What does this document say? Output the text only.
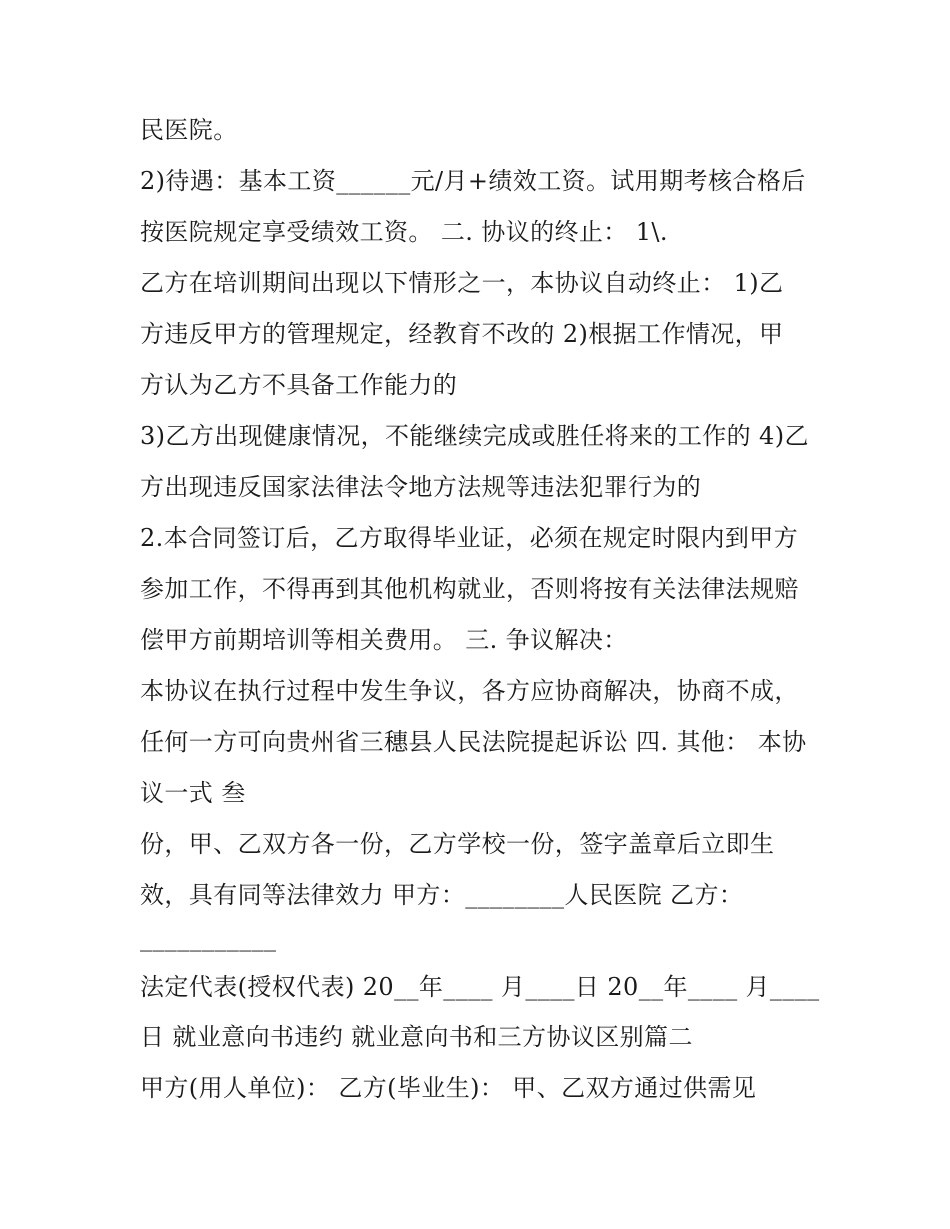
民医院。
2)待遇：基本工资______元/月+绩效工资。试用期考核合格后
按医院规定享受绩效工资。 二. 协议的终止： 1\.
乙方在培训期间出现以下情形之一，本协议自动终止： 1)乙
方违反甲方的管理规定，经教育不改的 2)根据工作情况，甲
方认为乙方不具备工作能力的
3)乙方出现健康情况，不能继续完成或胜任将来的工作的 4)乙
方出现违反国家法律法令地方法规等违法犯罪行为的
2.本合同签订后，乙方取得毕业证，必须在规定时限内到甲方
参加工作，不得再到其他机构就业，否则将按有关法律法规赔
偿甲方前期培训等相关费用。 三. 争议解决：
本协议在执行过程中发生争议，各方应协商解决，协商不成，
任何一方可向贵州省三穗县人民法院提起诉讼 四. 其他： 本协
议一式 叁
份，甲、乙双方各一份，乙方学校一份，签字盖章后立即生
效，具有同等法律效力 甲方：________人民医院 乙方：
___________
法定代表(授权代表) 20__年____ 月____日 20__年____ 月____
日 就业意向书违约 就业意向书和三方协议区别篇二
甲方(用人单位)： 乙方(毕业生)： 甲、乙双方通过供需见
